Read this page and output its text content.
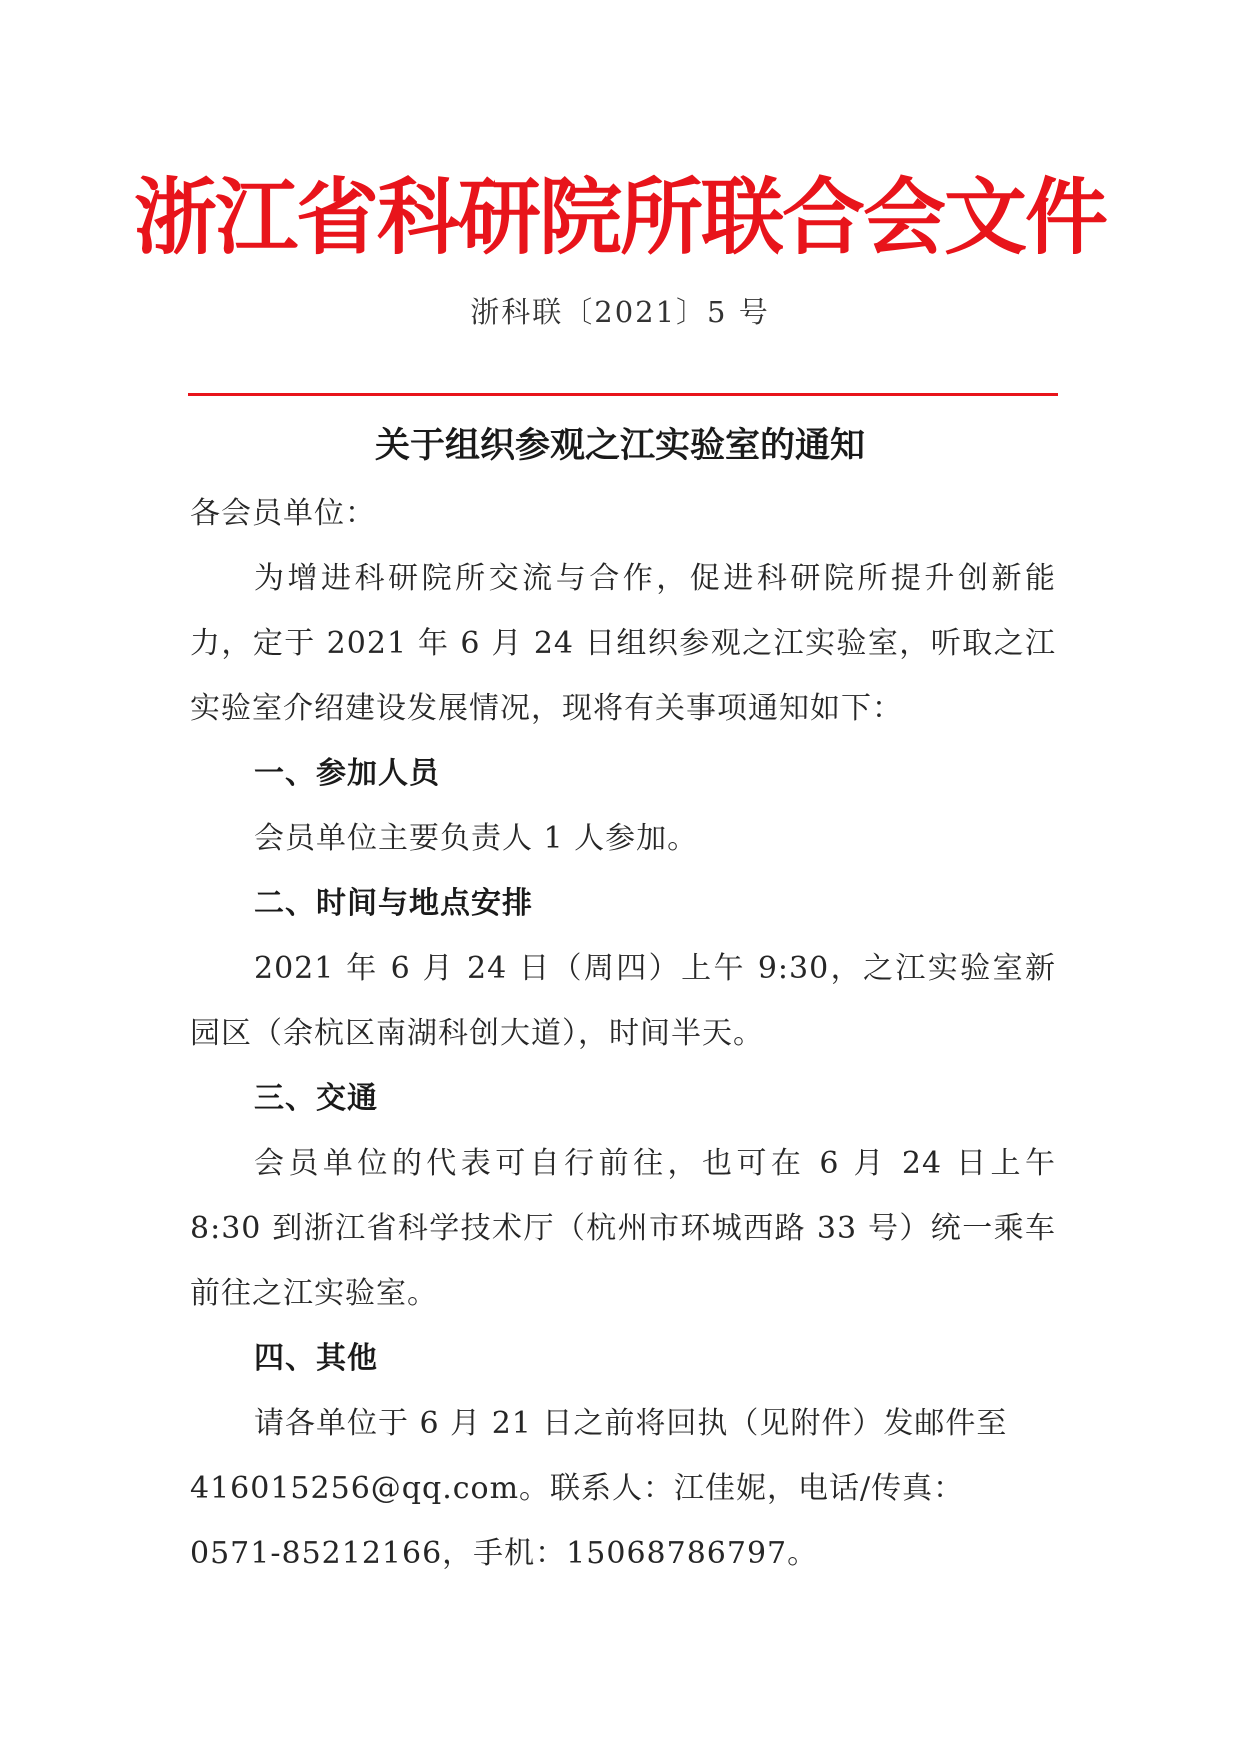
浙江省科研院所联合会文件
浙科联〔2021〕5 号
关于组织参观之江实验室的通知

各会员单位：

为增进科研院所交流与合作，促进科研院所提升创新能力，定于 2021 年 6 月 24 日组织参观之江实验室，听取之江实验室介绍建设发展情况，现将有关事项通知如下：

一、参加人员

会员单位主要负责人 1 人参加。

二、时间与地点安排

2021 年 6 月 24 日（周四）上午 9:30，之江实验室新园区（余杭区南湖科创大道），时间半天。

三、交通

会员单位的代表可自行前往，也可在 6 月 24 日上午 8:30 到浙江省科学技术厅（杭州市环城西路 33 号）统一乘车前往之江实验室。

四、其他

请各单位于 6 月 21 日之前将回执（见附件）发邮件至

416015256@qq.com。联系人：江佳妮，电话/传真：

0571-85212166，手机：15068786797。
